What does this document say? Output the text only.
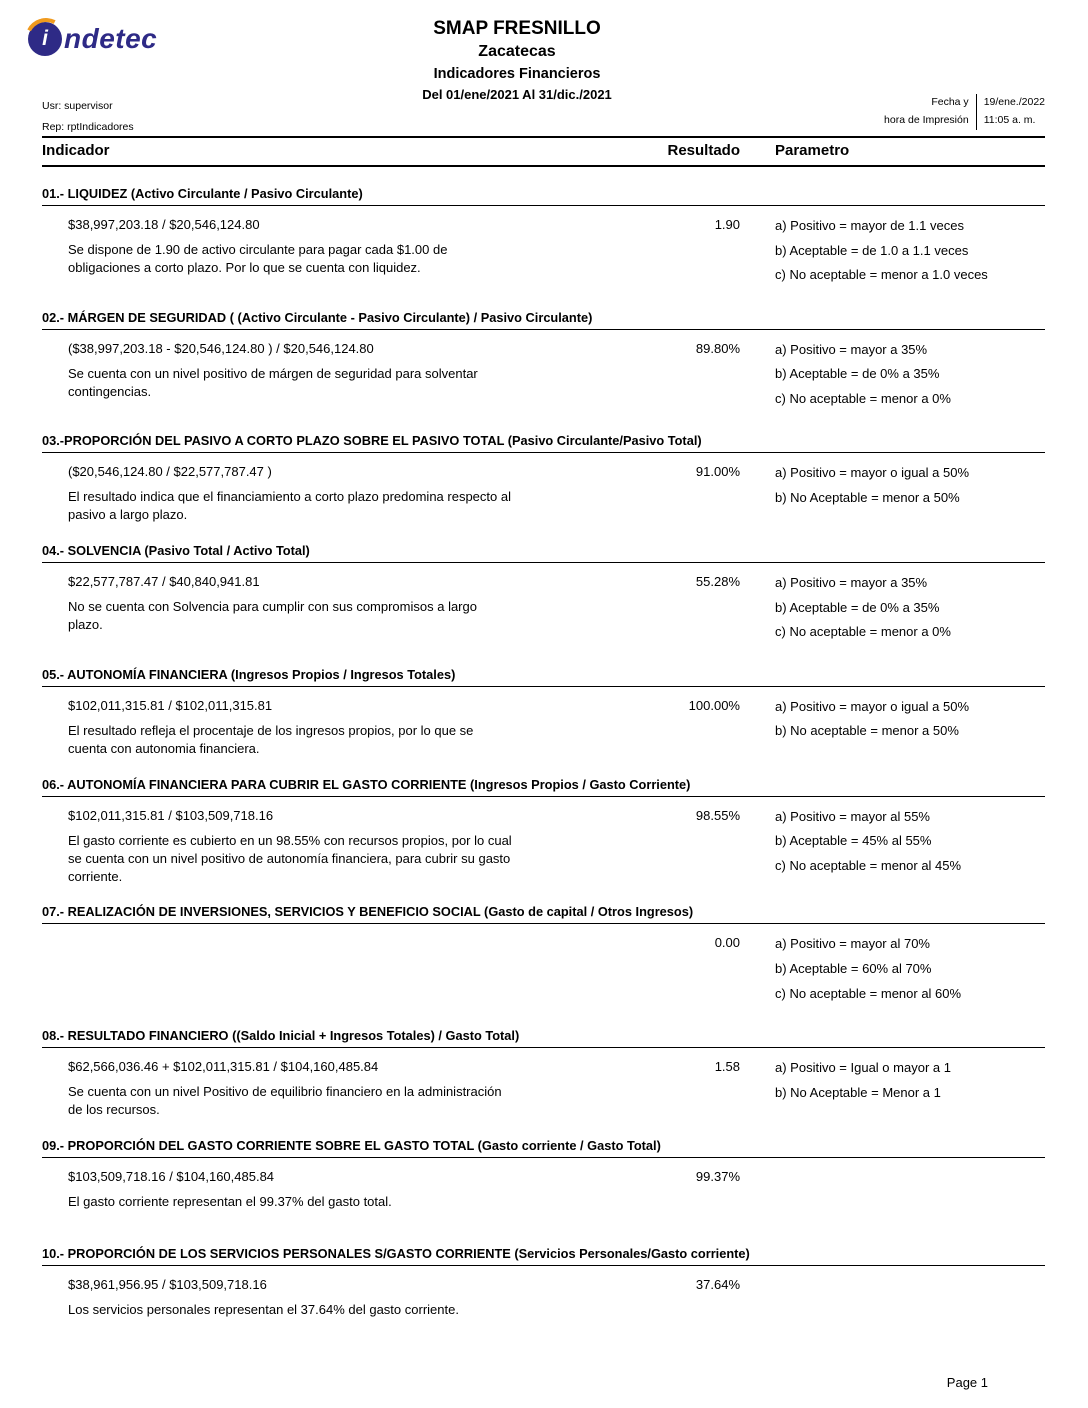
i ndetec	SMAP FRESNILLO
Zacatecas
Indicadores Financieros
Del 01/ene/2021 Al 31/dic./2021
Usr: supervisor
Rep: rptIndicadores
Fecha y
hora de Impresión
19/ene./2022
11:05 a. m.
Indicador	Resultado	Parametro
01.- LIQUIDEZ (Activo Circulante / Pasivo Circulante)
$38,997,203.18 / $20,546,124.80
Se dispone de 1.90 de activo circulante para pagar cada $1.00 de obligaciones a corto plazo. Por lo que se cuenta con liquidez.
1.90	a) Positivo = mayor de 1.1 veces
b) Aceptable = de 1.0 a 1.1 veces
c) No aceptable = menor a 1.0 veces
02.- MÁRGEN DE SEGURIDAD ( (Activo Circulante - Pasivo Circulante) / Pasivo Circulante)
($38,997,203.18 - $20,546,124.80 ) / $20,546,124.80
Se cuenta con un nivel positivo de márgen de seguridad para solventar contingencias.
89.80%	a) Positivo = mayor a 35%
b) Aceptable = de 0% a 35%
c) No aceptable = menor a 0%
03.-PROPORCIÓN DEL PASIVO A CORTO PLAZO SOBRE EL PASIVO TOTAL (Pasivo Circulante/Pasivo Total)
($20,546,124.80 / $22,577,787.47 )
El resultado indica que el financiamiento a corto plazo predomina respecto al pasivo a largo plazo.
91.00%	a) Positivo = mayor o igual a 50%
b) No Aceptable = menor a 50%
04.- SOLVENCIA (Pasivo Total / Activo Total)
$22,577,787.47 / $40,840,941.81
No se cuenta con Solvencia para cumplir con sus compromisos a largo plazo.
55.28%	a) Positivo = mayor a 35%
b) Aceptable = de 0% a 35%
c) No aceptable = menor a 0%
05.- AUTONOMÍA FINANCIERA (Ingresos Propios / Ingresos Totales)
$102,011,315.81 / $102,011,315.81
El resultado refleja el procentaje de los ingresos propios, por lo que se cuenta con autonomia financiera.
100.00%	a) Positivo = mayor o igual a 50%
b) No aceptable = menor a 50%
06.- AUTONOMÍA FINANCIERA PARA CUBRIR EL GASTO CORRIENTE (Ingresos Propios / Gasto Corriente)
$102,011,315.81 / $103,509,718.16
El gasto corriente es cubierto en un 98.55% con recursos propios, por lo cual se cuenta con un nivel positivo de autonomía financiera, para cubrir su gasto corriente.
98.55%	a) Positivo = mayor al 55%
b) Aceptable = 45% al 55%
c) No aceptable = menor al 45%
07.- REALIZACIÓN DE INVERSIONES, SERVICIOS Y BENEFICIO SOCIAL (Gasto de capital / Otros Ingresos)
0.00	a) Positivo = mayor al 70%
b) Aceptable = 60% al 70%
c) No aceptable = menor al 60%
08.- RESULTADO FINANCIERO ((Saldo Inicial + Ingresos Totales) / Gasto Total)
$62,566,036.46 + $102,011,315.81 / $104,160,485.84
Se cuenta con un nivel Positivo de equilibrio financiero en la administración de los recursos.
1.58	a) Positivo = Igual o mayor a 1
b) No Aceptable = Menor a 1
09.- PROPORCIÓN DEL GASTO CORRIENTE SOBRE EL GASTO TOTAL (Gasto corriente / Gasto Total)
$103,509,718.16 / $104,160,485.84
El gasto corriente representan el 99.37% del gasto total.
99.37%
10.- PROPORCIÓN DE LOS SERVICIOS PERSONALES S/GASTO CORRIENTE (Servicios Personales/Gasto corriente)
$38,961,956.95 / $103,509,718.16
Los servicios personales representan el 37.64% del gasto corriente.
37.64%
Page 1
